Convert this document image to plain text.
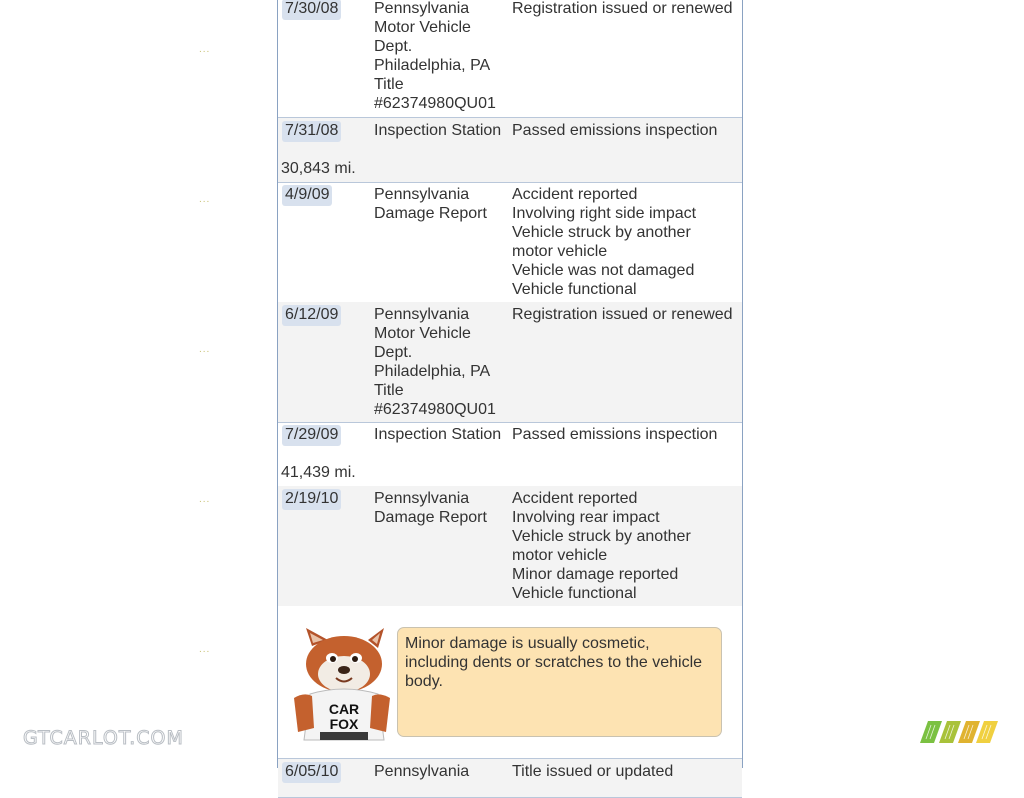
...
...
...
...
...
7/30/08 Pennsylvania
Motor Vehicle
Dept.
Philadelphia, PA
Title
#62374980QU01
Registration issued or renewed
7/31/08 Inspection Station Passed emissions inspection
30,843 mi.
4/9/09	Pennsylvania
Damage Report
Accident reported
Involving right side impact
Vehicle struck by another
motor vehicle
Vehicle was not damaged
Vehicle functional
6/12/09 Pennsylvania
Motor Vehicle
Dept.
Philadelphia, PA
Title
#62374980QU01
Registration issued or renewed
7/29/09 Inspection Station Passed emissions inspection
41,439 mi.
2/19/10 Pennsylvania
Damage Report
Accident reported
Involving rear impact
Vehicle struck by another
motor vehicle
Minor damage reported
Vehicle functional
CAR
FOX
Minor damage is usually cosmetic, including dents or scratches to the vehicle body.
6/05/10 Pennsylvania	Title issued or updated
GTCARLOT.COM
